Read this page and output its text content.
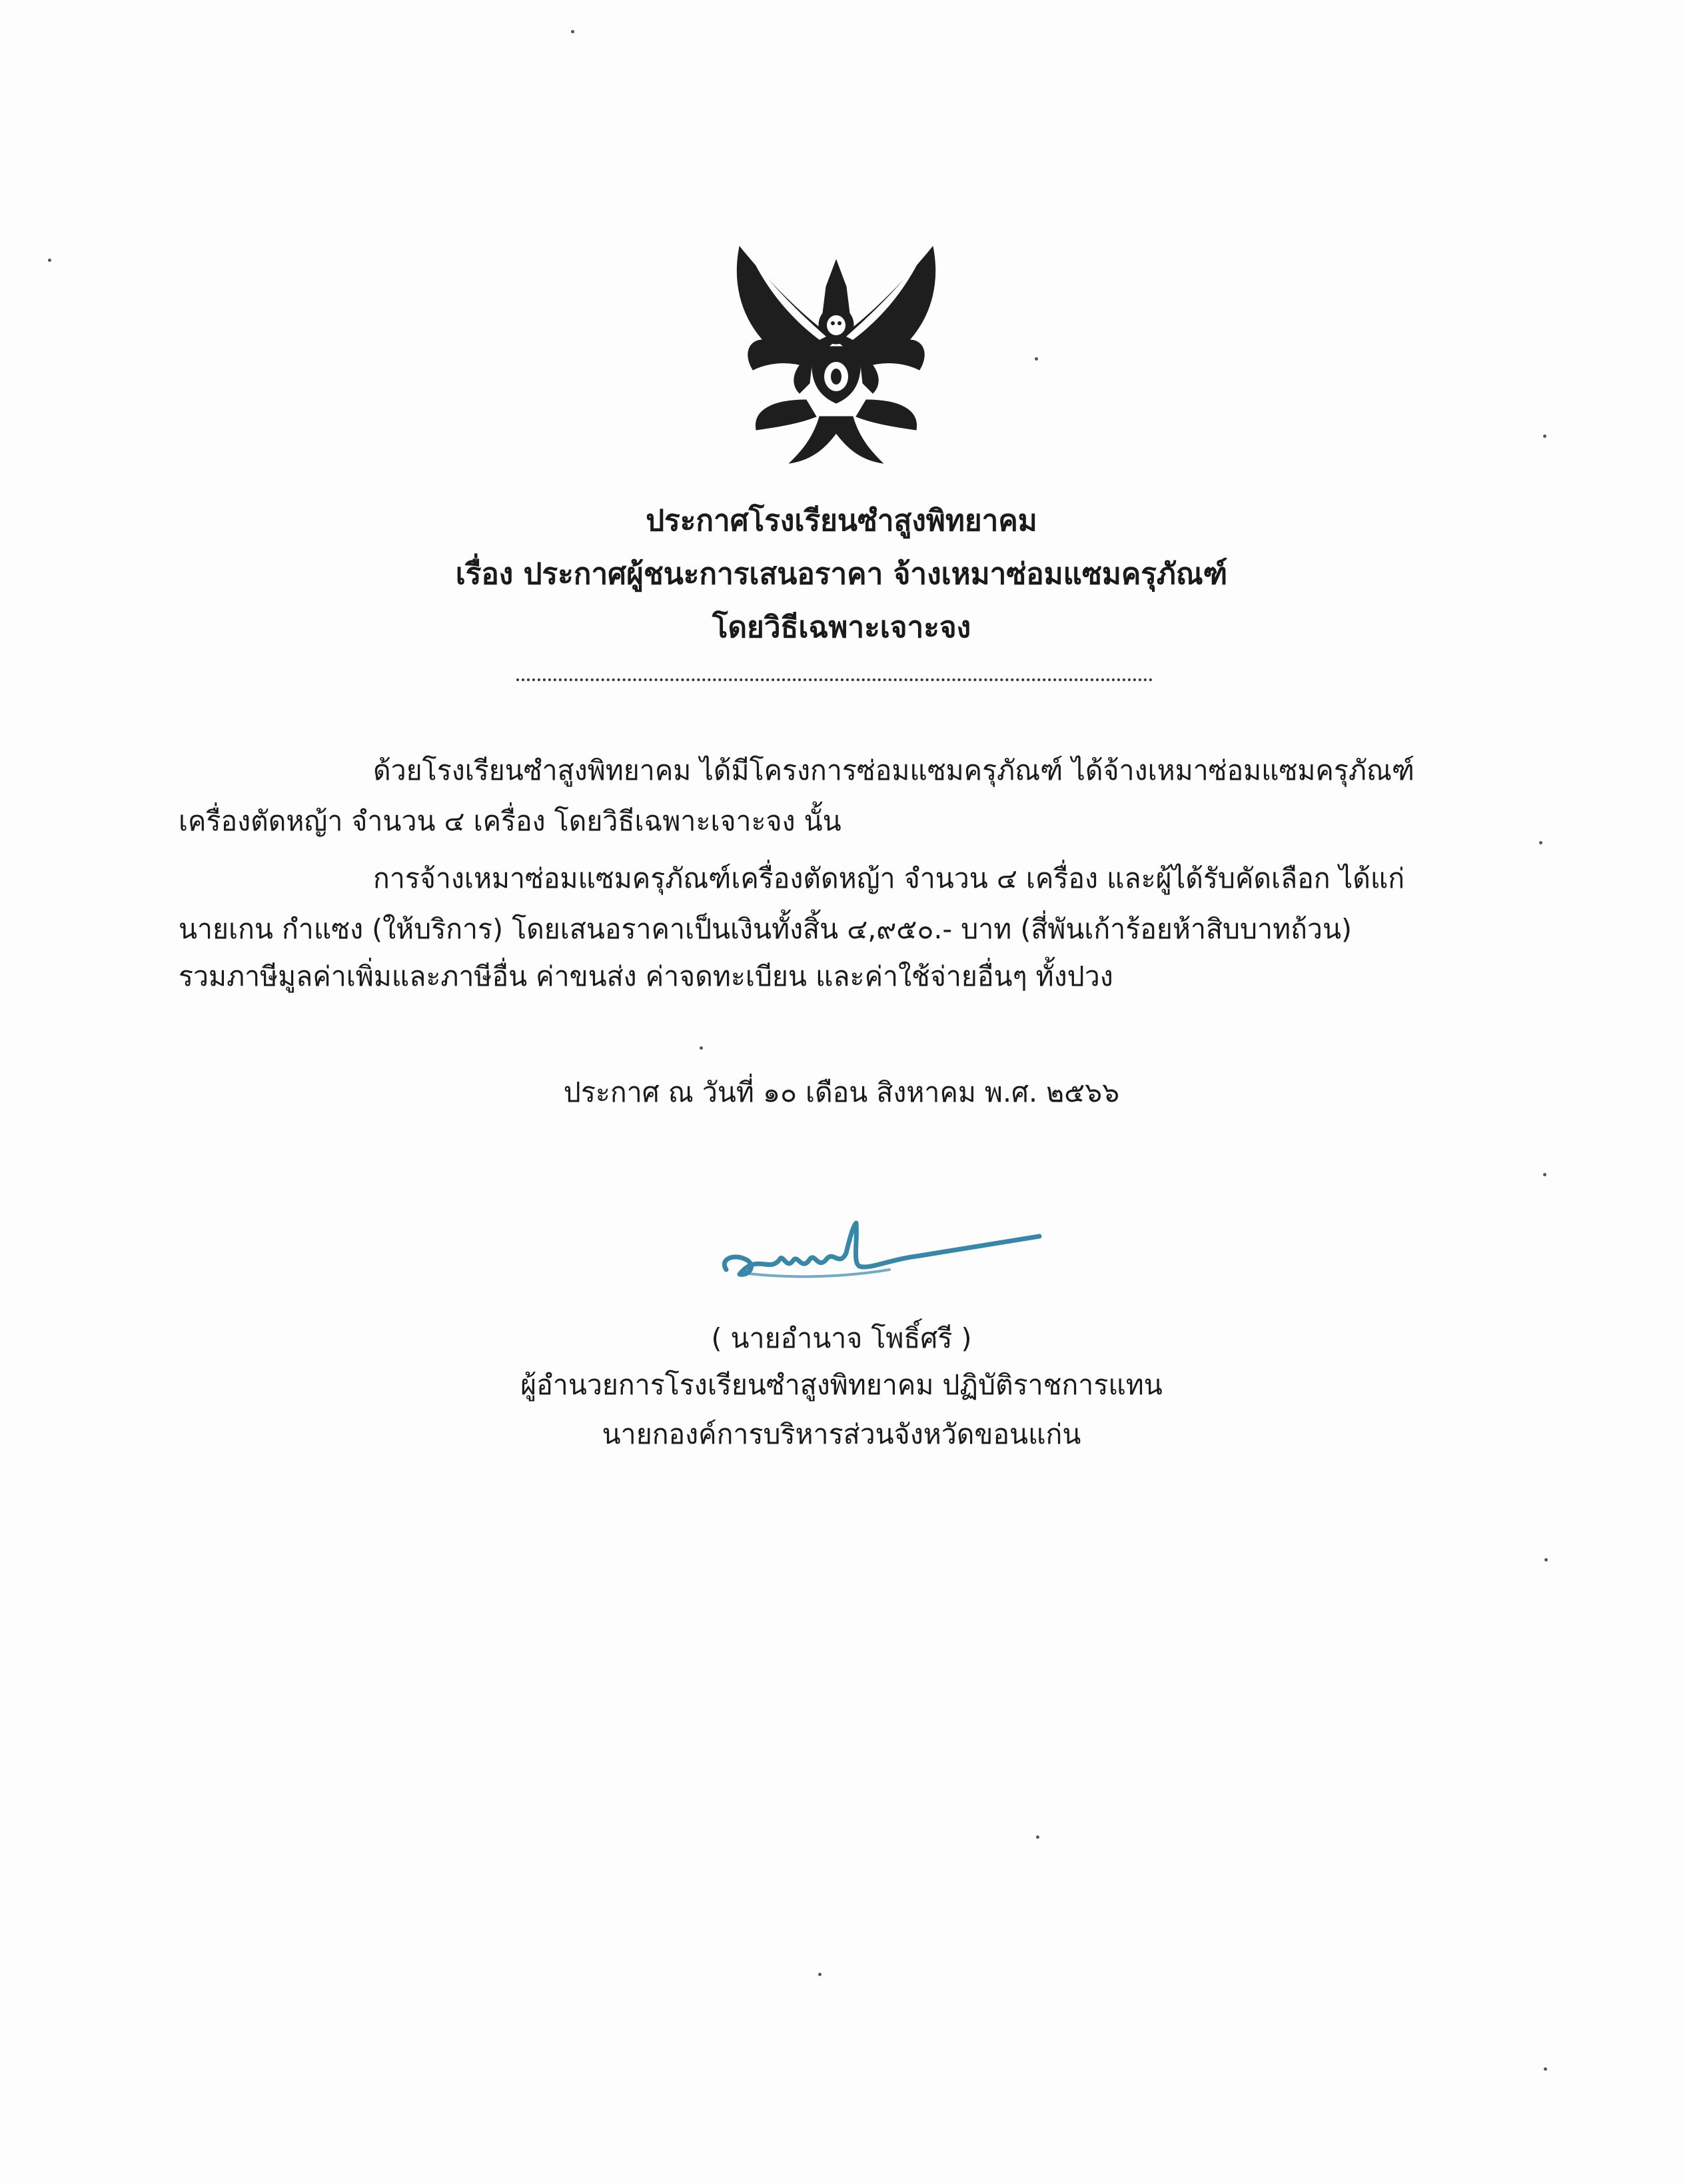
ประกาศโรงเรียนซำสูงพิทยาคม
เรื่อง ประกาศผู้ชนะการเสนอราคา จ้างเหมาซ่อมแซมครุภัณฑ์
โดยวิธีเฉพาะเจาะจง
ด้วยโรงเรียนซำสูงพิทยาคม ได้มีโครงการซ่อมแซมครุภัณฑ์ ได้จ้างเหมาซ่อมแซมครุภัณฑ์
เครื่องตัดหญ้า จำนวน ๔ เครื่อง โดยวิธีเฉพาะเจาะจง นั้น
การจ้างเหมาซ่อมแซมครุภัณฑ์เครื่องตัดหญ้า จำนวน ๔ เครื่อง และผู้ได้รับคัดเลือก ได้แก่
นายเกน กำแซง (ให้บริการ) โดยเสนอราคาเป็นเงินทั้งสิ้น ๔,๙๕๐.- บาท (สี่พันเก้าร้อยห้าสิบบาทถ้วน)
รวมภาษีมูลค่าเพิ่มและภาษีอื่น ค่าขนส่ง ค่าจดทะเบียน และค่าใช้จ่ายอื่นๆ ทั้งปวง
ประกาศ ณ วันที่ ๑๐ เดือน สิงหาคม พ.ศ. ๒๕๖๖
( นายอำนาจ โพธิ์ศรี )
ผู้อำนวยการโรงเรียนซำสูงพิทยาคม ปฏิบัติราชการแทน
นายกองค์การบริหารส่วนจังหวัดขอนแก่น
